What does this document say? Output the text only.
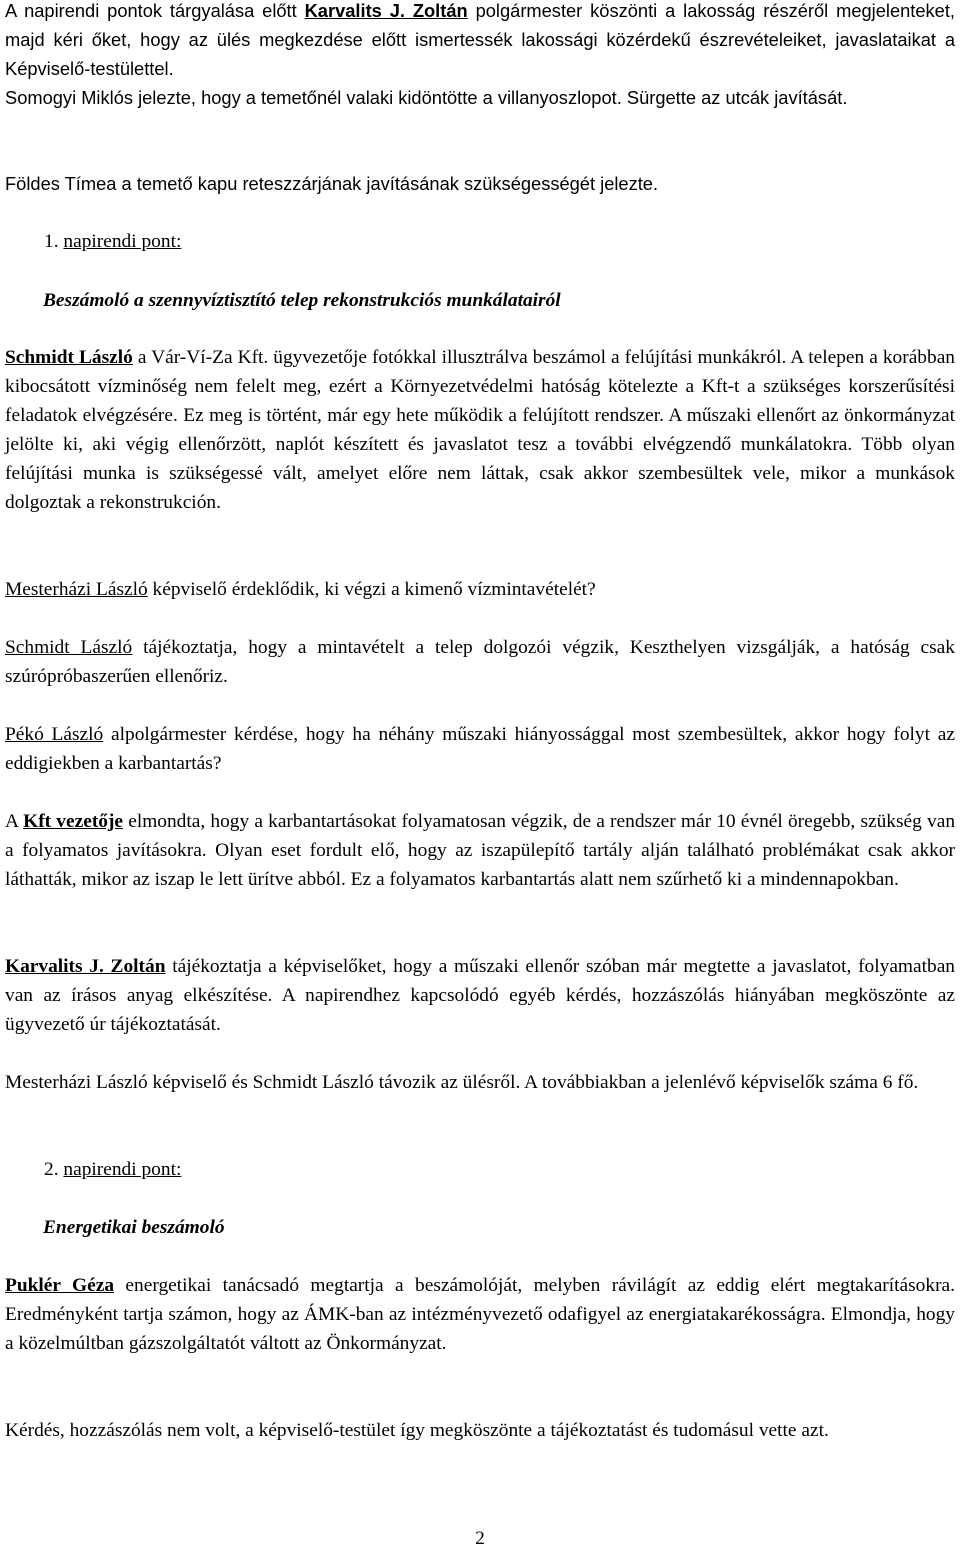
A napirendi pontok tárgyalása előtt Karvalits J. Zoltán polgármester köszönti a lakosság részéről megjelenteket, majd kéri őket, hogy az ülés megkezdése előtt ismertessék lakossági közérdekű észrevételeiket, javaslataikat a Képviselő-testülettel.

Somogyi Miklós jelezte, hogy a temetőnél valaki kidöntötte a villanyoszlopot. Sürgette az utcák javítását.

Földes Tímea a temető kapu reteszzárjának javításának szükségességét jelezte.

1. napirendi pont:

Beszámoló a szennyvíztisztító telep rekonstrukciós munkálatairól

Schmidt László a Vár-Ví-Za Kft. ügyvezetője fotókkal illusztrálva beszámol a felújítási munkákról. A telepen a korábban kibocsátott vízminőség nem felelt meg, ezért a Környezetvédelmi hatóság kötelezte a Kft-t a szükséges korszerűsítési feladatok elvégzésére. Ez meg is történt, már egy hete működik a felújított rendszer. A műszaki ellenőrt az önkormányzat jelölte ki, aki végig ellenőrzött, naplót készített és javaslatot tesz a további elvégzendő munkálatokra. Több olyan felújítási munka is szükségessé vált, amelyet előre nem láttak, csak akkor szembesültek vele, mikor a munkások dolgoztak a rekonstrukción.

Mesterházi László képviselő érdeklődik, ki végzi a kimenő vízmintavételét?

Schmidt László tájékoztatja, hogy a mintavételt a telep dolgozói végzik, Keszthelyen vizsgálják, a hatóság csak szúrópróbaszerűen ellenőriz.

Pékó László alpolgármester kérdése, hogy ha néhány műszaki hiányossággal most szembesültek, akkor hogy folyt az eddigiekben a karbantartás?

A Kft vezetője elmondta, hogy a karbantartásokat folyamatosan végzik, de a rendszer már 10 évnél öregebb, szükség van a folyamatos javításokra. Olyan eset fordult elő, hogy az iszapülepítő tartály alján található problémákat csak akkor láthatták, mikor az iszap le lett ürítve abból. Ez a folyamatos karbantartás alatt nem szűrhető ki a mindennapokban.

Karvalits J. Zoltán tájékoztatja a képviselőket, hogy a műszaki ellenőr szóban már megtette a javaslatot, folyamatban van az írásos anyag elkészítése. A napirendhez kapcsolódó egyéb kérdés, hozzászólás hiányában megköszönte az ügyvezető úr tájékoztatását.

Mesterházi László képviselő és Schmidt László távozik az ülésről. A továbbiakban a jelenlévő képviselők száma 6 fő.

2. napirendi pont:

Energetikai beszámoló

Puklér Géza energetikai tanácsadó megtartja a beszámolóját, melyben rávilágít az eddig elért megtakarításokra. Eredményként tartja számon, hogy az ÁMK-ban az intézményvezető odafigyel az energiatakarékosságra. Elmondja, hogy a közelmúltban gázszolgáltatót váltott az Önkormányzat.

Kérdés, hozzászólás nem volt, a képviselő-testület így megköszönte a tájékoztatást és tudomásul vette azt.

2
